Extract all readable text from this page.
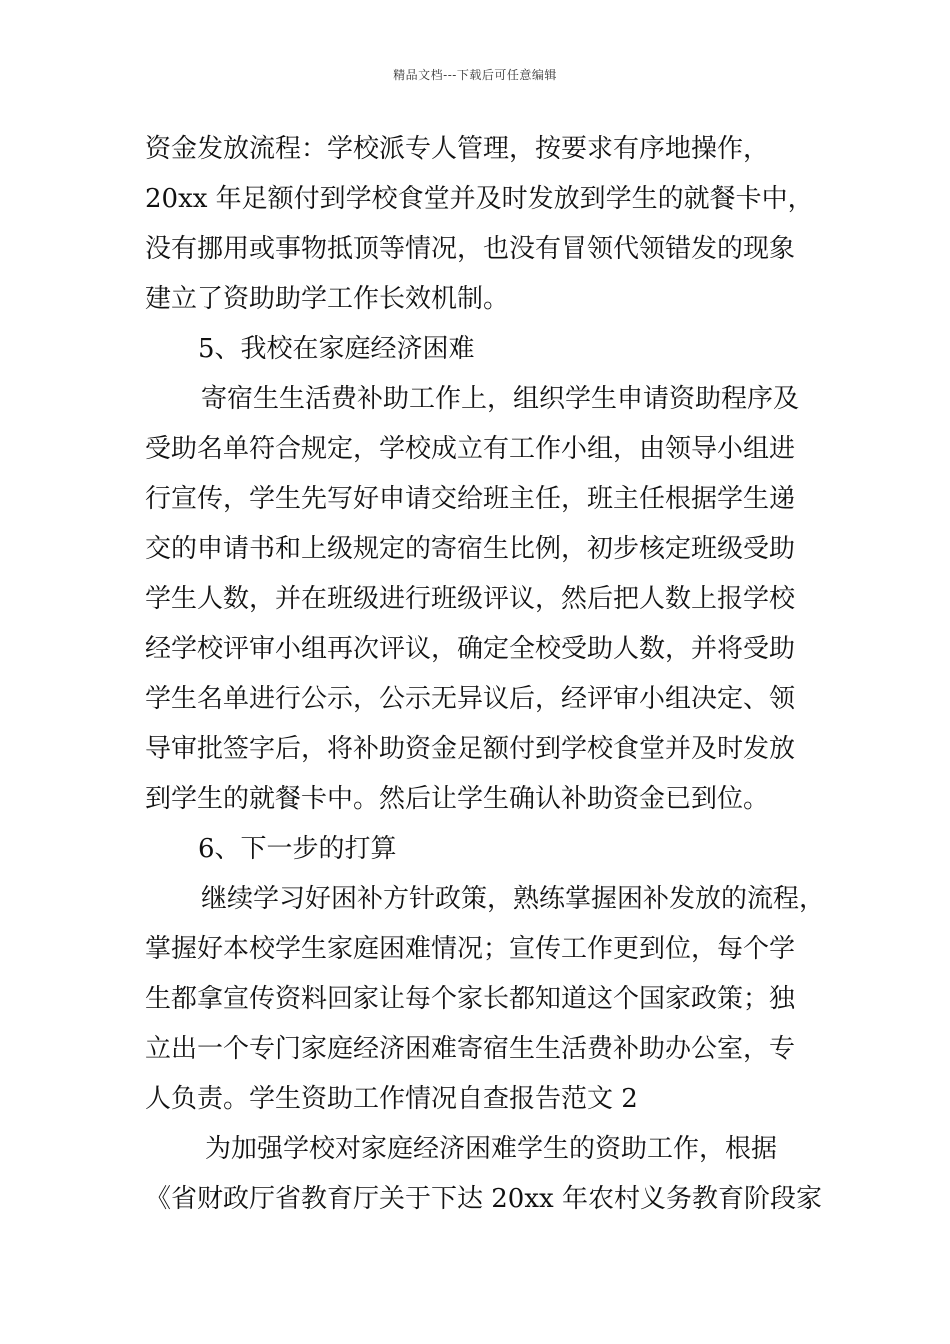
精品文档---下载后可任意编辑
资金发放流程：学校派专人管理，按要求有序地操作，
20xx 年足额付到学校食堂并及时发放到学生的就餐卡中，
没有挪用或事物抵顶等情况，也没有冒领代领错发的现象
建立了资助助学工作长效机制。
5、我校在家庭经济困难
寄宿生生活费补助工作上，组织学生申请资助程序及
受助名单符合规定，学校成立有工作小组，由领导小组进
行宣传，学生先写好申请交给班主任，班主任根据学生递
交的申请书和上级规定的寄宿生比例，初步核定班级受助
学生人数，并在班级进行班级评议，然后把人数上报学校
经学校评审小组再次评议，确定全校受助人数，并将受助
学生名单进行公示，公示无异议后，经评审小组决定、领
导审批签字后，将补助资金足额付到学校食堂并及时发放
到学生的就餐卡中。然后让学生确认补助资金已到位。
6、下一步的打算
继续学习好困补方针政策，熟练掌握困补发放的流程，
掌握好本校学生家庭困难情况；宣传工作更到位，每个学
生都拿宣传资料回家让每个家长都知道这个国家政策；独
立出一个专门家庭经济困难寄宿生生活费补助办公室，专
人负责。学生资助工作情况自查报告范文 2
为加强学校对家庭经济困难学生的资助工作，根据
《省财政厅省教育厅关于下达 20xx 年农村义务教育阶段家
